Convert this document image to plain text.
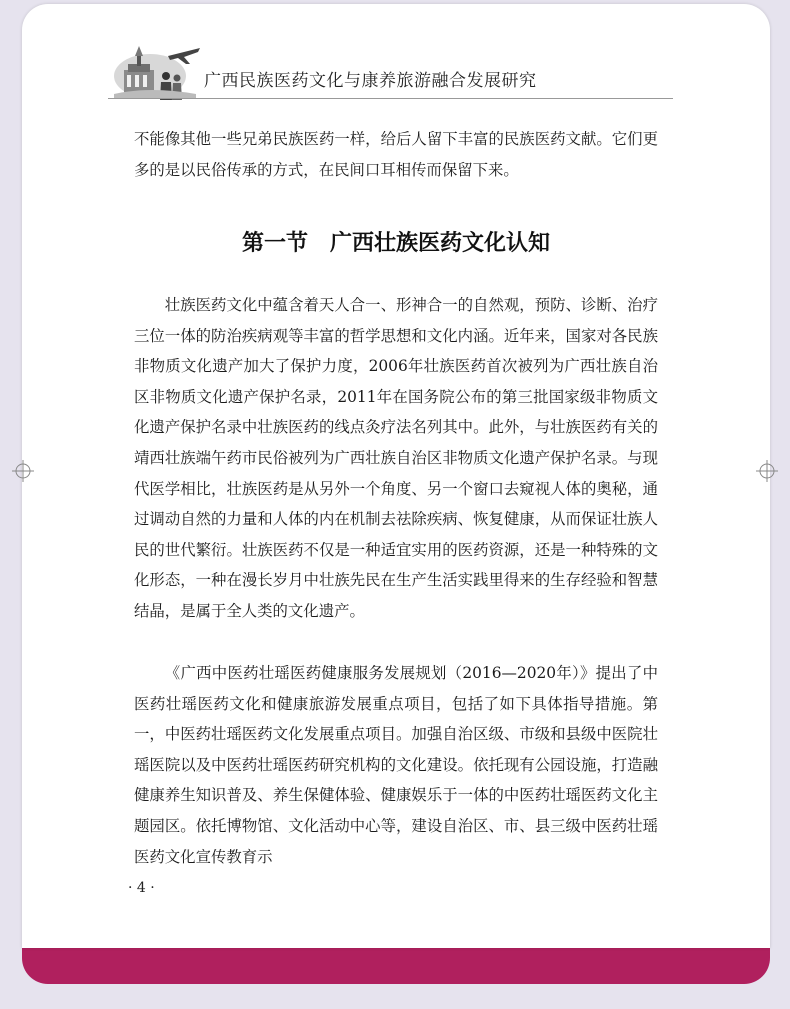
广西民族医药文化与康养旅游融合发展研究

不能像其他一些兄弟民族医药一样，给后人留下丰富的民族医药文献。它们更多的是以民俗传承的方式，在民间口耳相传而保留下来。

第一节　广西壮族医药文化认知

壮族医药文化中蕴含着天人合一、形神合一的自然观，预防、诊断、治疗三位一体的防治疾病观等丰富的哲学思想和文化内涵。近年来，国家对各民族非物质文化遗产加大了保护力度，2006年壮族医药首次被列为广西壮族自治区非物质文化遗产保护名录，2011年在国务院公布的第三批国家级非物质文化遗产保护名录中壮族医药的线点灸疗法名列其中。此外，与壮族医药有关的靖西壮族端午药市民俗被列为广西壮族自治区非物质文化遗产保护名录。与现代医学相比，壮族医药是从另外一个角度、另一个窗口去窥视人体的奥秘，通过调动自然的力量和人体的内在机制去祛除疾病、恢复健康，从而保证壮族人民的世代繁衍。壮族医药不仅是一种适宜实用的医药资源，还是一种特殊的文化形态，一种在漫长岁月中壮族先民在生产生活实践里得来的生存经验和智慧结晶，是属于全人类的文化遗产。

《广西中医药壮瑶医药健康服务发展规划（2016—2020年）》提出了中医药壮瑶医药文化和健康旅游发展重点项目，包括了如下具体指导措施。第一，中医药壮瑶医药文化发展重点项目。加强自治区级、市级和县级中医院壮瑶医院以及中医药壮瑶医药研究机构的文化建设。依托现有公园设施，打造融健康养生知识普及、养生保健体验、健康娱乐于一体的中医药壮瑶医药文化主题园区。依托博物馆、文化活动中心等，建设自治区、市、县三级中医药壮瑶医药文化宣传教育示

· 4 ·
